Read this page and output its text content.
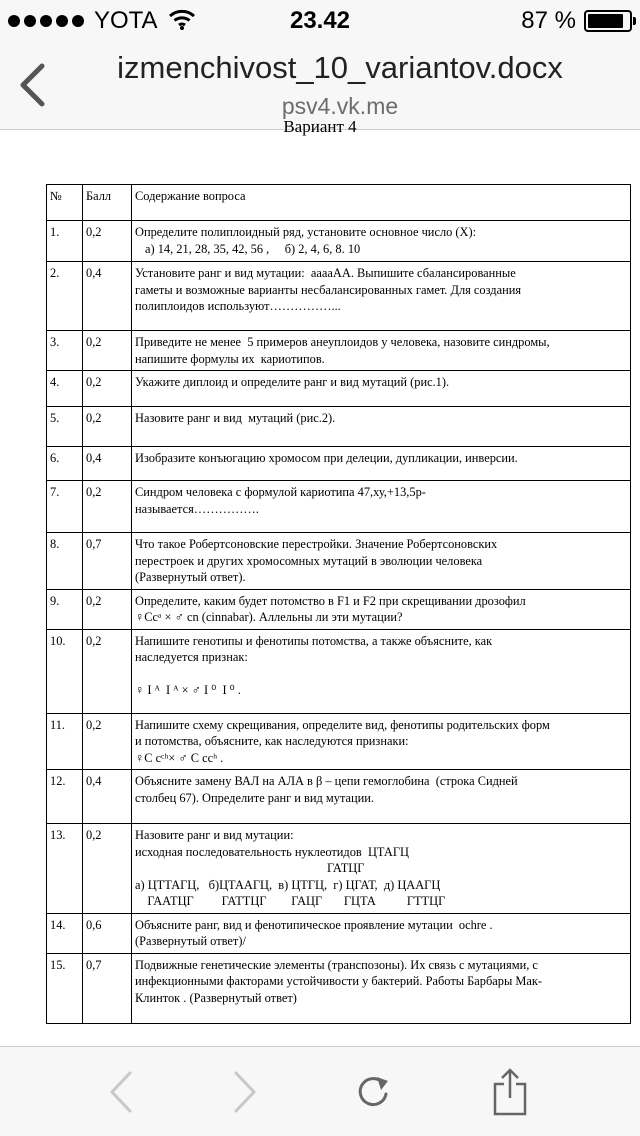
YOTA	23.42	87 %
izmenchivost_10_variantov.docx
psv4.vk.me
Вариант 4
№	Балл	Содержание вопроса
1.	0,2	Определите полиплоидный ряд, установите основное число (Х):
а) 14, 21, 28, 35, 42, 56 ,     б) 2, 4, 6, 8. 10

2.	0,4	Установите ранг и вид мутации:  ааааАА. Выпишите сбалансированные
гаметы и возможные варианты несбалансированных гамет. Для создания
полиплоидов используют……………...

3.	0,2	Приведите не менее  5 примеров анеуплоидов у человека, назовите синдромы,
напишите формулы их  кариотипов.

4.	0,2	Укажите диплоид и определите ранг и вид мутаций (рис.1).

5.	0,2	Назовите ранг и вид  мутаций (рис.2).

6.	0,4	Изобразите конъюгацию хромосом при делеции, дупликации, инверсии.

7.	0,2	Синдром человека с формулой кариотипа 47,ху,+13,5р-
называется…………….

8.	0,7	Что такое Робертсоновские перестройки. Значение Робертсоновских
перестроек и других хромосомных мутаций в эволюции человека
(Развернутый ответ).

9.	0,2	Определите, каким будет потомство в F1 и F2 при скрещивании дрозофил
♀Ccᵃ × ♂ cn (cinnabar). Аллельны ли эти мутации?

10.	0,2	Напишите генотипы и фенотипы потомства, а также объясните, как
наследуется признак:
♀ I ᴬ  I ᴬ × ♂ I ⁰  I ⁰ .

11.	0,2	Напишите схему скрещивания, определите вид, фенотипы родительских форм
и потомства, объясните, как наследуются признаки:
♀C cᶜʰ× ♂ C ccʰ .

12.	0,4	Объясните замену ВАЛ на АЛА в β – цепи гемоглобина  (строка Сидней
столбец 67). Определите ранг и вид мутации.

13.	0,2	Назовите ранг и вид мутации:
исходная последовательность нуклеотидов  ЦТАГЦ
ГАТЦГ
а) ЦТТАГЦ,   б)ЦТААГЦ,  в) ЦТГЦ,  г) ЦГАТ,  д) ЦААГЦ
ГААТЦГ         ГАТТЦГ        ГАЦГ       ГЦТА          ГТТЦГ

14.	0,6	Объясните ранг, вид и фенотипическое проявление мутации  ochre .
(Развернутый ответ)/

15.	0,7	Подвижные генетические элементы (транспозоны). Их связь с мутациями, с
инфекционными факторами устойчивости у бактерий. Работы Барбары Мак-
Клинток . (Развернутый ответ)
